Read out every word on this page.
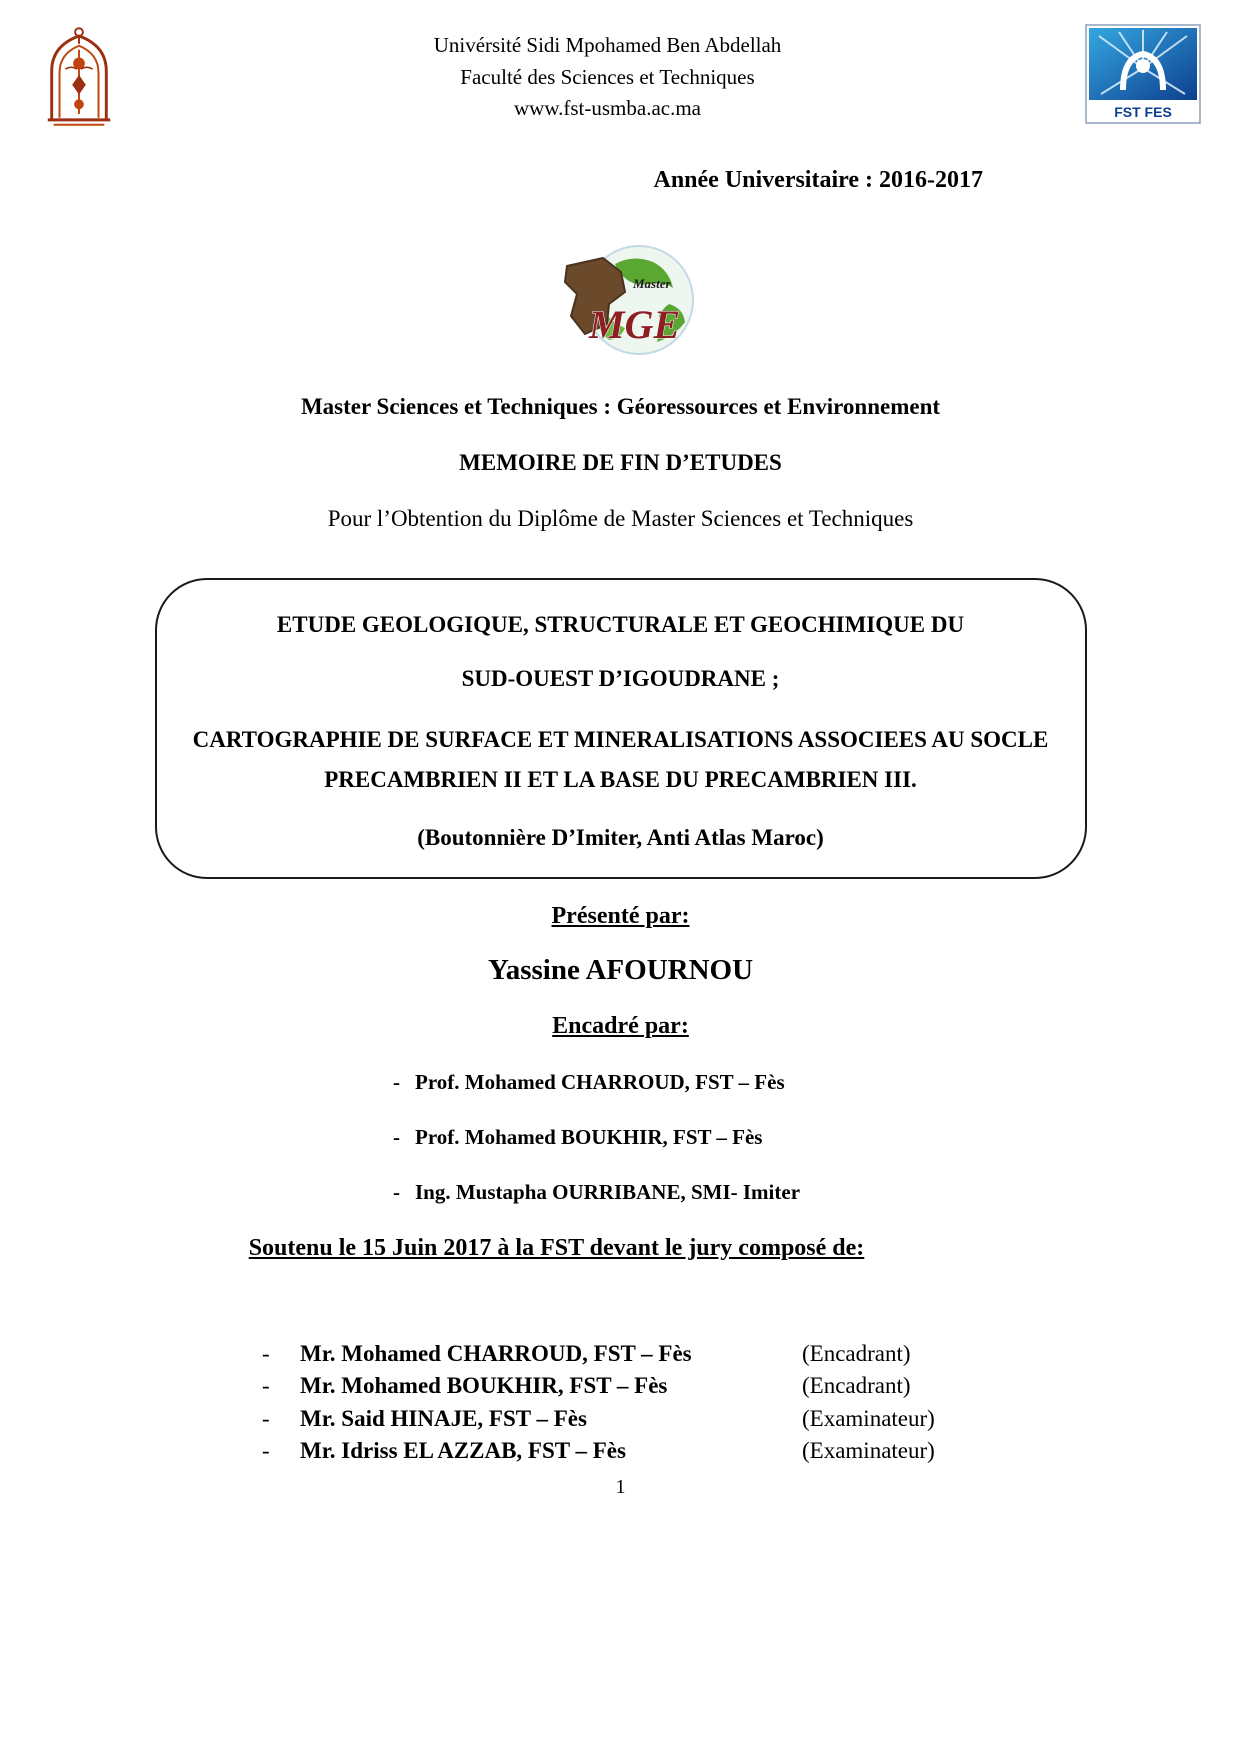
Univérsité Sidi Mpohamed Ben Abdellah
Faculté des Sciences et Techniques
www.fst-usmba.ac.ma	FST FES
Année Universitaire : 2016-2017
Master
MGE
Master Sciences et Techniques : Géoressources et Environnement
MEMOIRE DE FIN D’ETUDES
Pour l’Obtention du Diplôme de Master Sciences et Techniques
ETUDE GEOLOGIQUE, STRUCTURALE ET GEOCHIMIQUE DU
SUD-OUEST D’IGOUDRANE ;
CARTOGRAPHIE DE SURFACE ET MINERALISATIONS ASSOCIEES AU SOCLE PRECAMBRIEN II ET LA BASE DU PRECAMBRIEN III.
(Boutonnière D’Imiter, Anti Atlas Maroc)
Présenté par:
Yassine AFOURNOU
Encadré par:
- Prof. Mohamed CHARROUD, FST – Fès
- Prof. Mohamed BOUKHIR, FST – Fès
- Ing. Mustapha OURRIBANE, SMI- Imiter
Soutenu le 15 Juin 2017 à la FST devant le jury composé de:
-	Mr. Mohamed CHARROUD, FST – Fès	(Encadrant)
-	Mr. Mohamed BOUKHIR, FST – Fès	(Encadrant)
-	Mr. Said HINAJE, FST – Fès	(Examinateur)
-	Mr. Idriss EL AZZAB, FST – Fès	(Examinateur)
1
